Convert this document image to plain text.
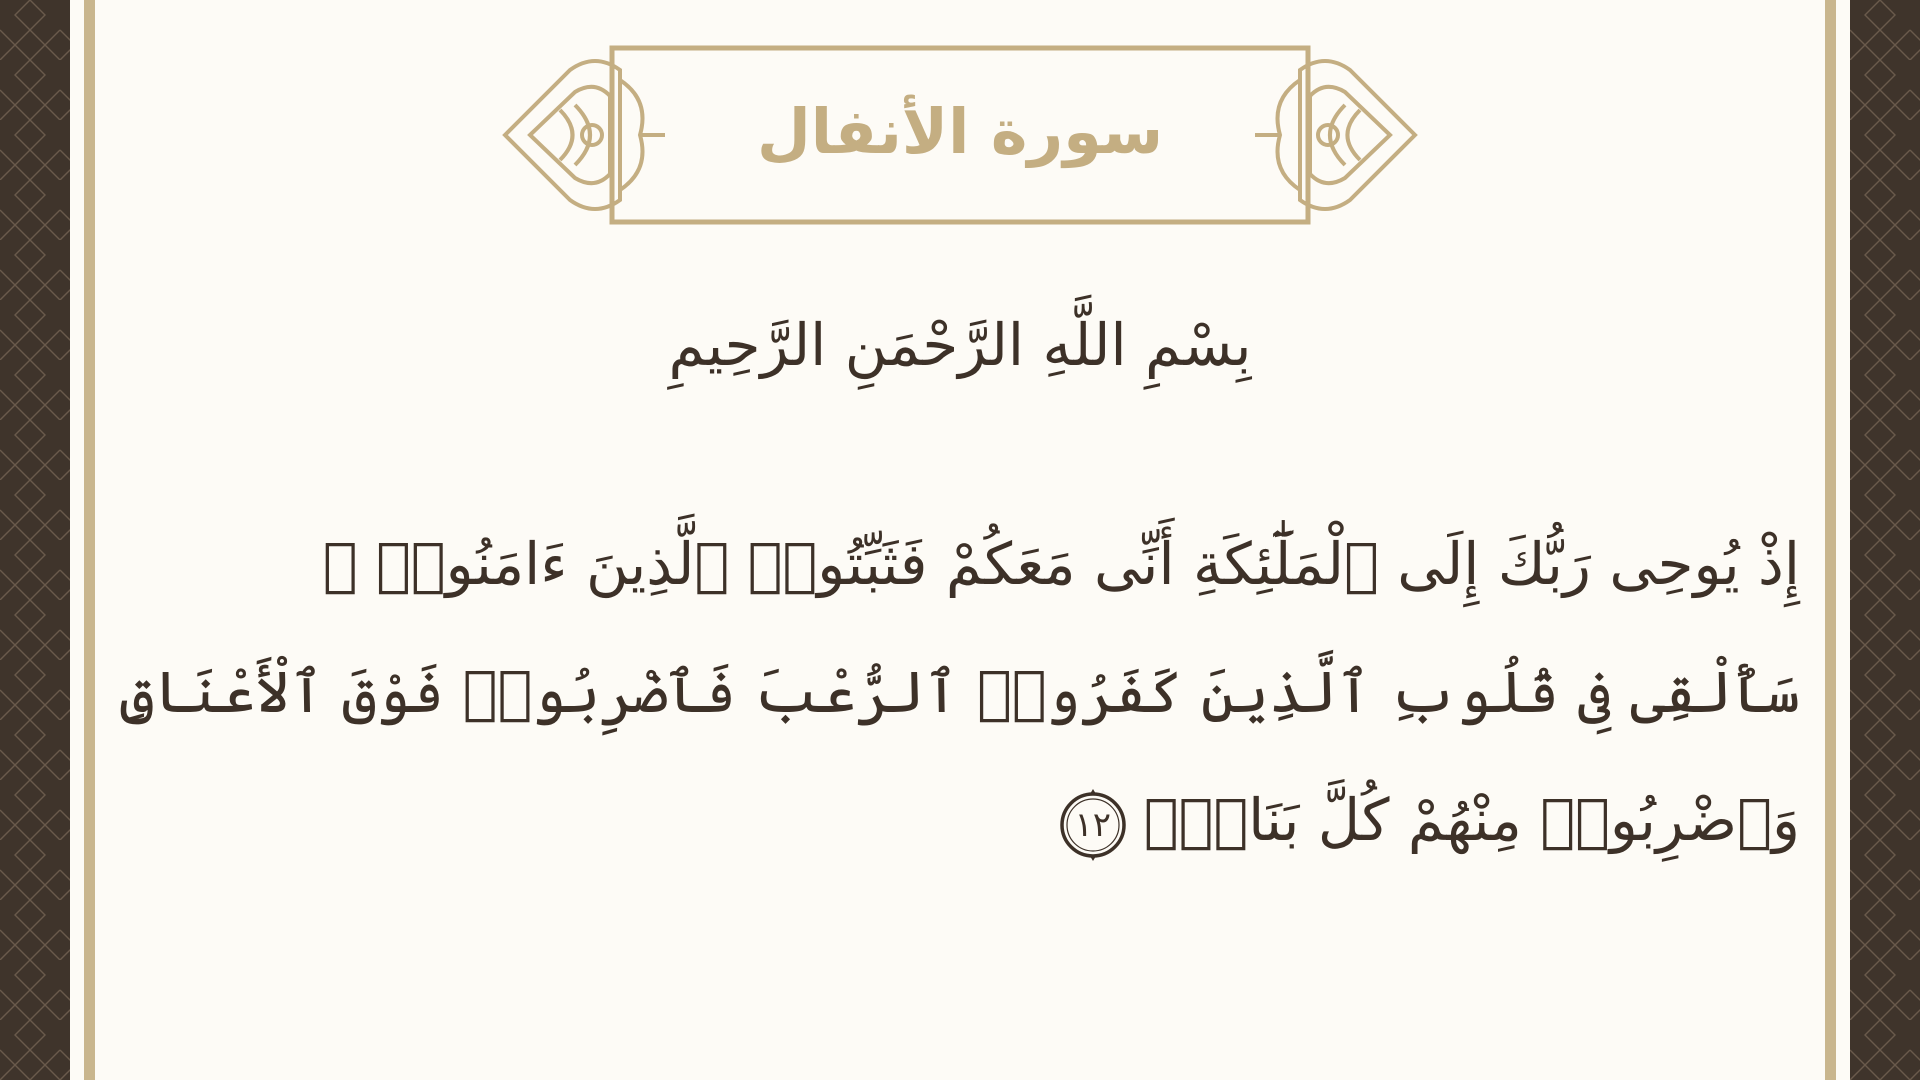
سورة الأنفال
بِسْمِ اللَّهِ الرَّحْمَنِ الرَّحِيمِ
إِذْ يُوحِى رَبُّكَ إِلَى ٱلْمَلَٰٓئِكَةِ أَنِّى مَعَكُمْ فَثَبِّتُوا۟ ٱلَّذِينَ ءَامَنُوا۟ ۚ
سَأُلْقِى فِى قُلُوبِ ٱلَّذِينَ كَفَرُوا۟ ٱلرُّعْبَ فَٱضْرِبُوا۟ فَوْقَ ٱلْأَعْنَاقِ
وَٱضْرِبُوا۟ مِنْهُمْ كُلَّ بَنَانٍۢ
١٢
